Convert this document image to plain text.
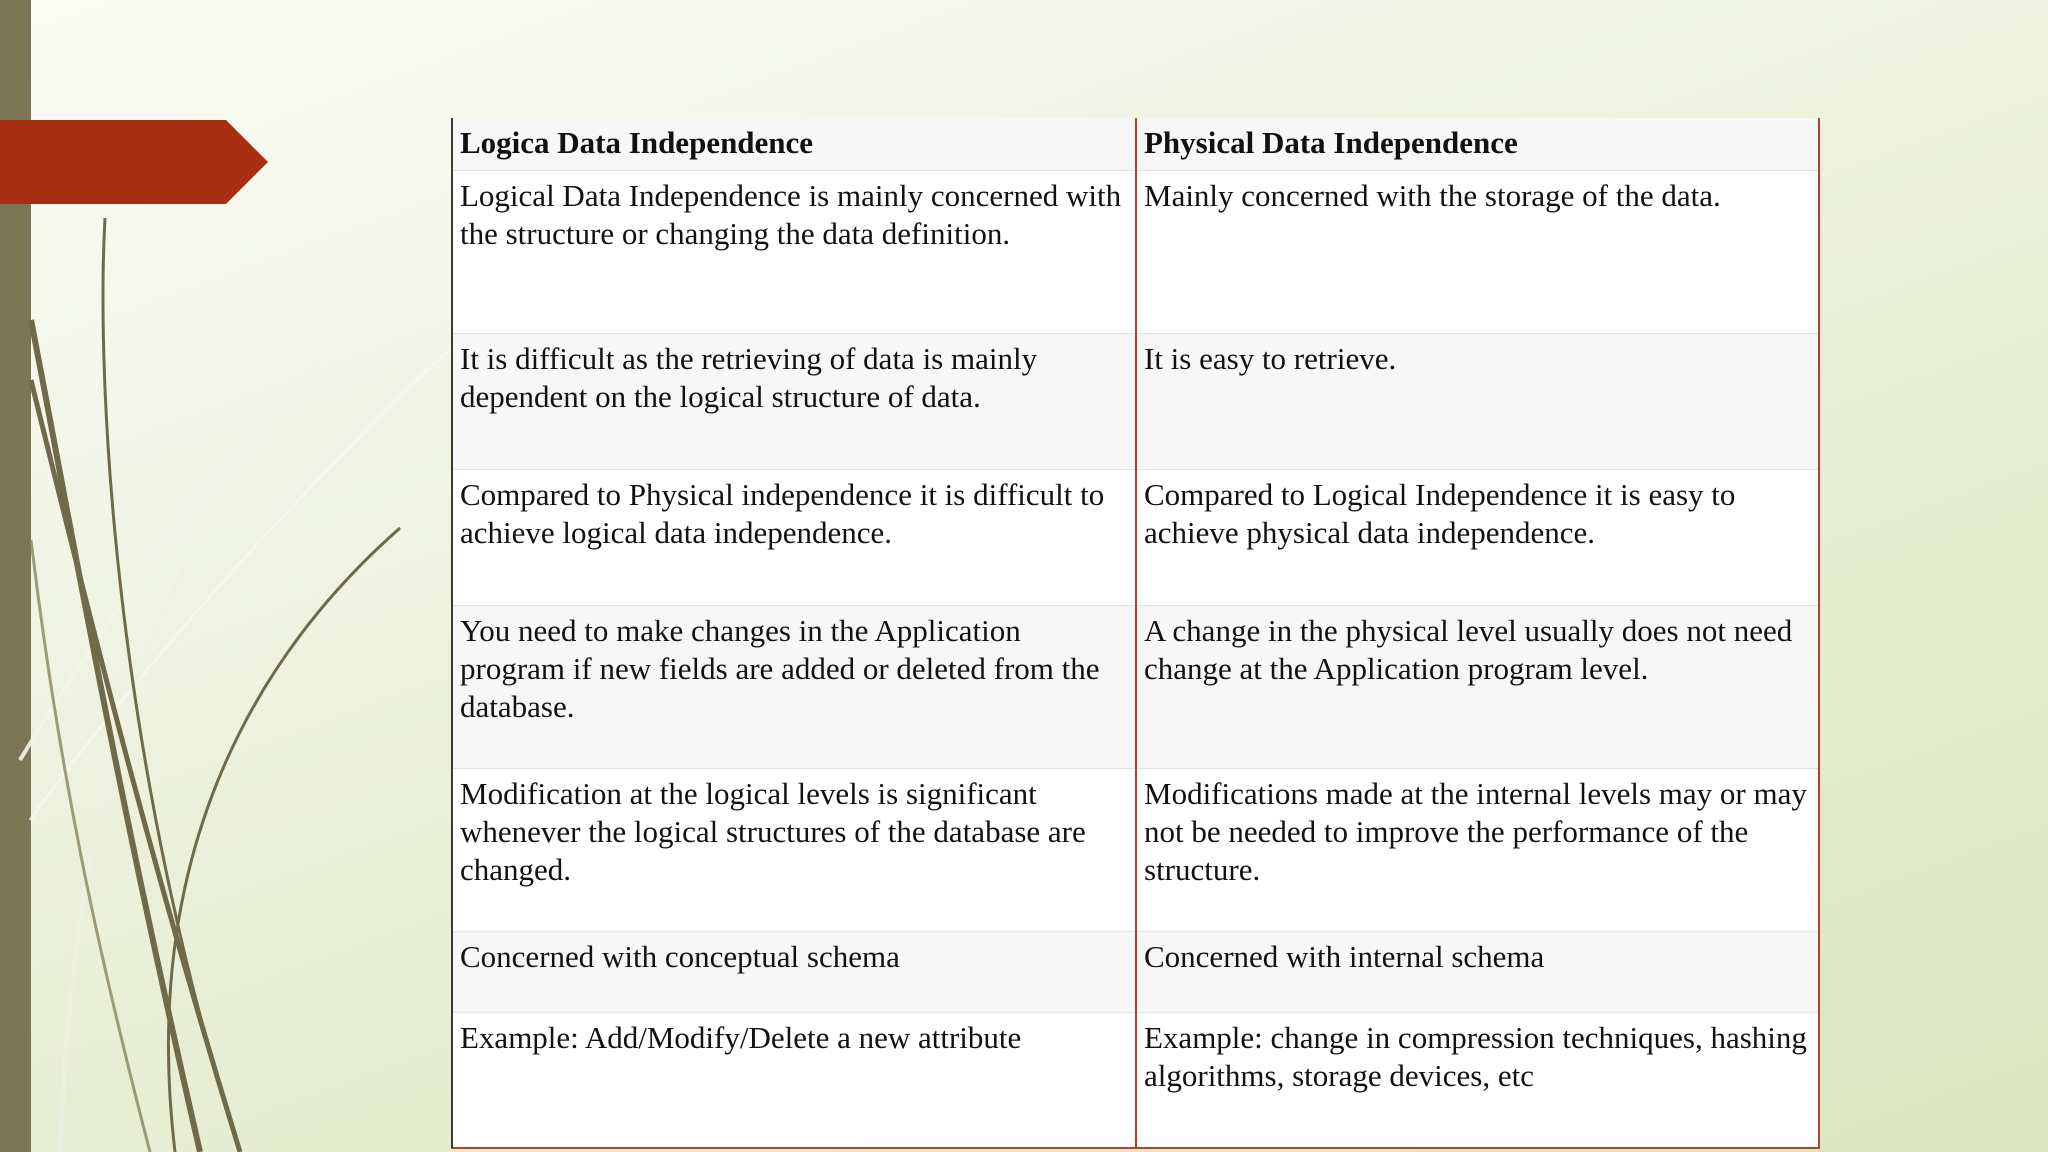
Logica Data Independence	Physical Data Independence
Logical Data Independence is mainly concerned with the structure or changing the data definition.	Mainly concerned with the storage of the data.
It is difficult as the retrieving of data is mainly dependent on the logical structure of data.	It is easy to retrieve.
Compared to Physical independence it is difficult to achieve logical data independence.	Compared to Logical Independence it is easy to achieve physical data independence.
You need to make changes in the Application program if new fields are added or deleted from the database.	A change in the physical level usually does not need change at the Application program level.
Modification at the logical levels is significant whenever the logical structures of the database are changed.	Modifications made at the internal levels may or may not be needed to improve the performance of the structure.
Concerned with conceptual schema	Concerned with internal schema
Example: Add/Modify/Delete a new attribute	Example: change in compression techniques, hashing algorithms, storage devices, etc
